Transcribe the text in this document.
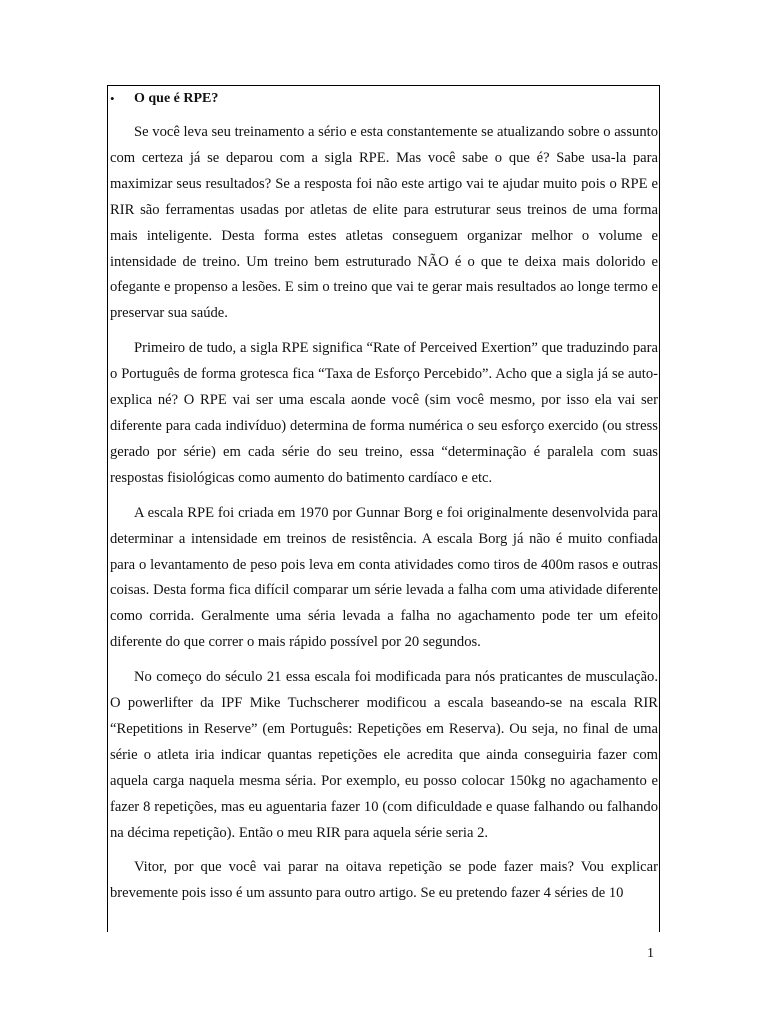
• O que é RPE?

Se você leva seu treinamento a sério e esta constantemente se atualizando sobre o assunto com certeza já se deparou com a sigla RPE. Mas você sabe o que é? Sabe usa-la para maximizar seus resultados? Se a resposta foi não este artigo vai te ajudar muito pois o RPE e RIR são ferramentas usadas por atletas de elite para estruturar seus treinos de uma forma mais inteligente. Desta forma estes atletas conseguem organizar melhor o volume e intensidade de treino. Um treino bem estruturado NÃO é o que te deixa mais dolorido e ofegante e propenso a lesões. E sim o treino que vai te gerar mais resultados ao longe termo e preservar sua saúde.

Primeiro de tudo, a sigla RPE significa “Rate of Perceived Exertion” que traduzindo para o Português de forma grotesca fica “Taxa de Esforço Percebido”. Acho que a sigla já se auto-explica né? O RPE vai ser uma escala aonde você (sim você mesmo, por isso ela vai ser diferente para cada indivíduo) determina de forma numérica o seu esforço exercido (ou stress gerado por série) em cada série do seu treino, essa “determinação é paralela com suas respostas fisiológicas como aumento do batimento cardíaco e etc.

A escala RPE foi criada em 1970 por Gunnar Borg e foi originalmente desenvolvida para determinar a intensidade em treinos de resistência. A escala Borg já não é muito confiada para o levantamento de peso pois leva em conta atividades como tiros de 400m rasos e outras coisas. Desta forma fica difícil comparar um série levada a falha com uma atividade diferente como corrida. Geralmente uma séria levada a falha no agachamento pode ter um efeito diferente do que correr o mais rápido possível por 20 segundos.

No começo do século 21 essa escala foi modificada para nós praticantes de musculação. O powerlifter da IPF Mike Tuchscherer modificou a escala baseando-se na escala RIR “Repetitions in Reserve” (em Português: Repetições em Reserva). Ou seja, no final de uma série o atleta iria indicar quantas repetições ele acredita que ainda conseguiria fazer com aquela carga naquela mesma séria. Por exemplo, eu posso colocar 150kg no agachamento e fazer 8 repetições, mas eu aguentaria fazer 10 (com dificuldade e quase falhando ou falhando na décima repetição). Então o meu RIR para aquela série seria 2.

Vitor, por que você vai parar na oitava repetição se pode fazer mais? Vou explicar brevemente pois isso é um assunto para outro artigo. Se eu pretendo fazer 4 séries de 10

1
